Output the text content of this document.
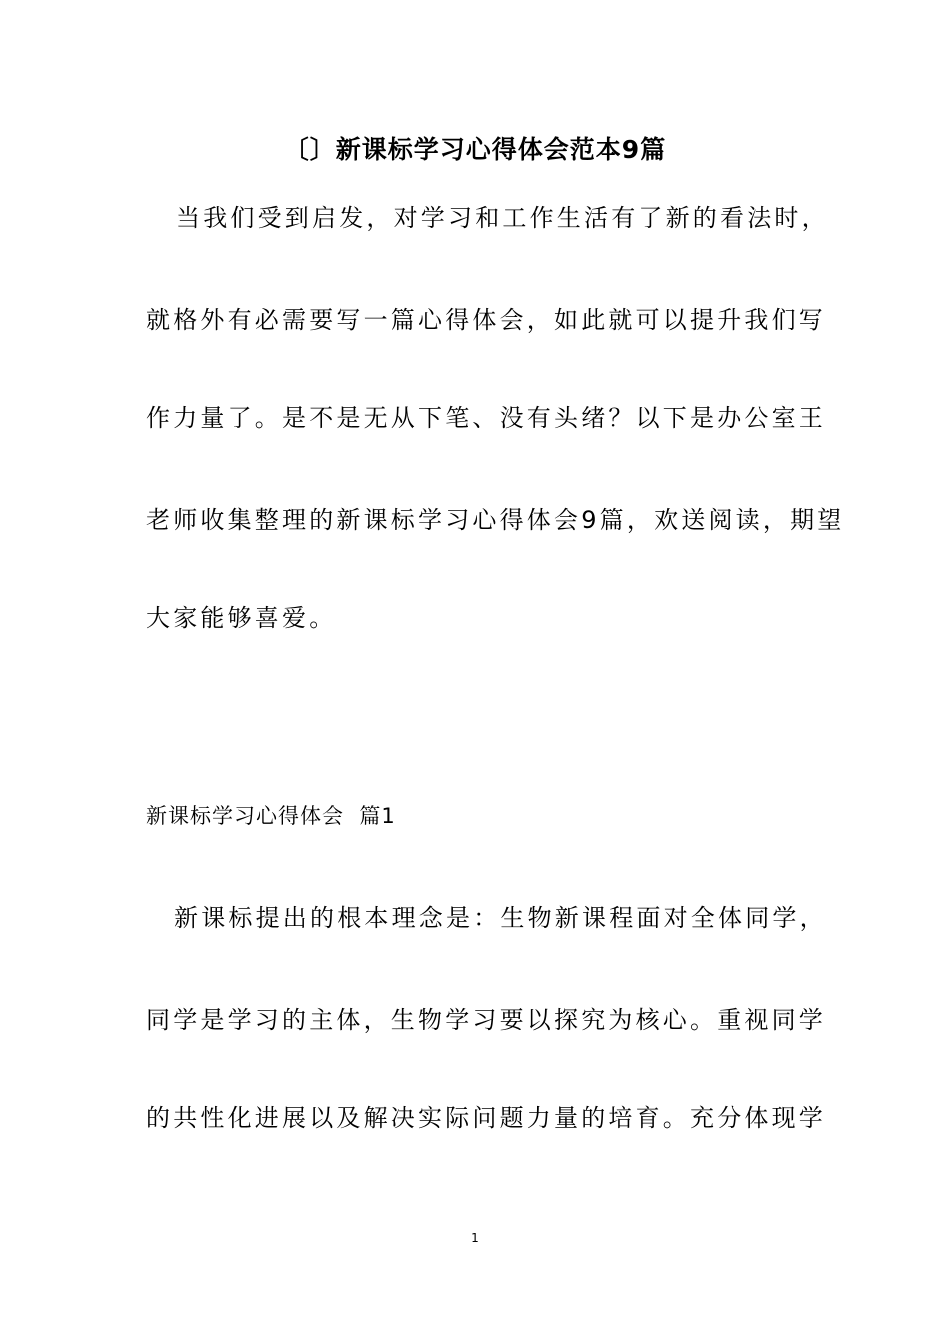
〔〕新课标学习心得体会范本9篇
当我们受到启发，对学习和工作生活有了新的看法时，
就格外有必需要写一篇心得体会，如此就可以提升我们写
作力量了。是不是无从下笔、没有头绪？以下是办公室王
老师收集整理的新课标学习心得体会9篇，欢送阅读，期望
大家能够喜爱。
新课标学习心得体会  篇1
新课标提出的根本理念是：生物新课程面对全体同学，
同学是学习的主体，生物学习要以探究为核心。重视同学
的共性化进展以及解决实际问题力量的培育。充分体现学
1
